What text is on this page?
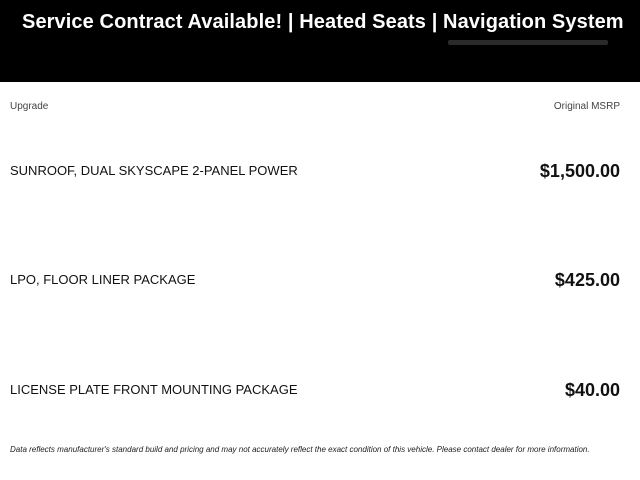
Service Contract Available! | Heated Seats | Navigation System
Upgrade	Original MSRP
SUNROOF, DUAL SKYSCAPE 2-PANEL POWER	$1,500.00
LPO, FLOOR LINER PACKAGE	$425.00
LICENSE PLATE FRONT MOUNTING PACKAGE	$40.00
Data reflects manufacturer's standard build and pricing and may not accurately reflect the exact condition of this vehicle. Please contact dealer for more information.
